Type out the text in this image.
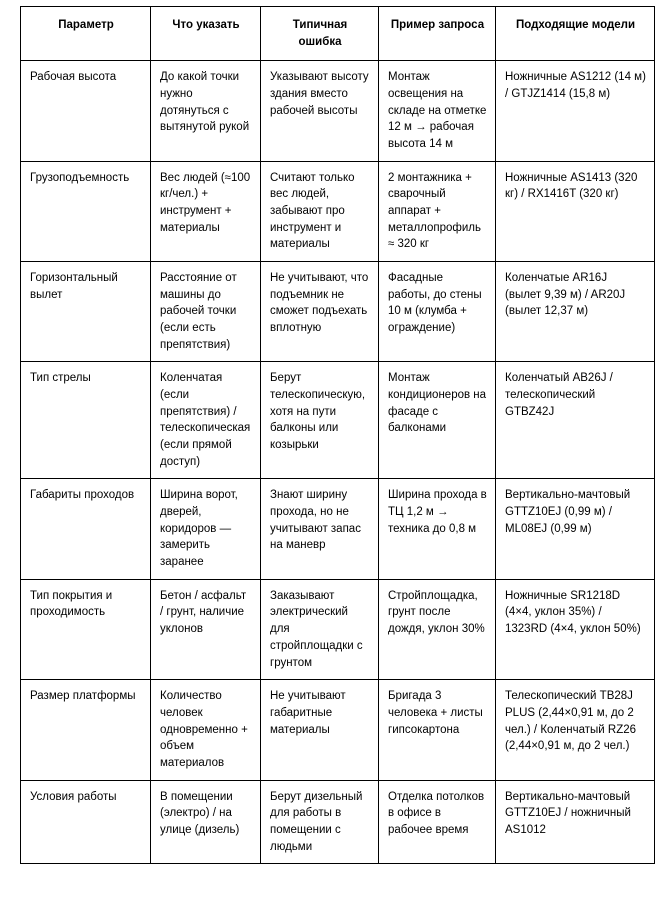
Параметр	Что указать	Типичная ошибка	Пример запроса	Подходящие модели

Рабочая высота	До какой точки нужно дотянуться с вытянутой рукой	Указывают высоту здания вместо рабочей высоты	Монтаж освещения на складе на отметке 12 м → рабочая высота 14 м	Ножничные AS1212 (14 м) / GTJZ1414 (15,8 м)

Грузоподъемность	Вес людей (≈100 кг/чел.) + инструмент + материалы	Считают только вес людей, забывают про инструмент и материалы	2 монтажника + сварочный аппарат + металлопрофиль ≈ 320 кг	Ножничные AS1413 (320 кг) / RX1416T (320 кг)

Горизонтальный вылет	Расстояние от машины до рабочей точки (если есть препятствия)	Не учитывают, что подъемник не сможет подъехать вплотную	Фасадные работы, до стены 10 м (клумба + ограждение)	Коленчатые AR16J (вылет 9,39 м) / AR20J (вылет 12,37 м)

Тип стрелы	Коленчатая (если препятствия) / телескопическая (если прямой доступ)	Берут телескопическую, хотя на пути балконы или козырьки	Монтаж кондиционеров на фасаде с балконами	Коленчатый AB26J / телескопический GTBZ42J

Габариты проходов	Ширина ворот, дверей, коридоров — замерить заранее	Знают ширину прохода, но не учитывают запас на маневр	Ширина прохода в ТЦ 1,2 м → техника до 0,8 м	Вертикально-мачтовый GTTZ10EJ (0,99 м) / ML08EJ (0,99 м)

Тип покрытия и проходимость	Бетон / асфальт / грунт, наличие уклонов	Заказывают электрический для стройплощадки с грунтом	Стройплощадка, грунт после дождя, уклон 30%	Ножничные SR1218D (4×4, уклон 35%) / 1323RD (4×4, уклон 50%)

Размер платформы	Количество человек одновременно + объем материалов	Не учитывают габаритные материалы	Бригада 3 человека + листы гипсокартона	Телескопический TB28J PLUS (2,44×0,91 м, до 2 чел.) / Коленчатый RZ26 (2,44×0,91 м, до 2 чел.)

Условия работы	В помещении (электро) / на улице (дизель)	Берут дизельный для работы в помещении с людьми	Отделка потолков в офисе в рабочее время	Вертикально-мачтовый GTTZ10EJ / ножничный AS1012
